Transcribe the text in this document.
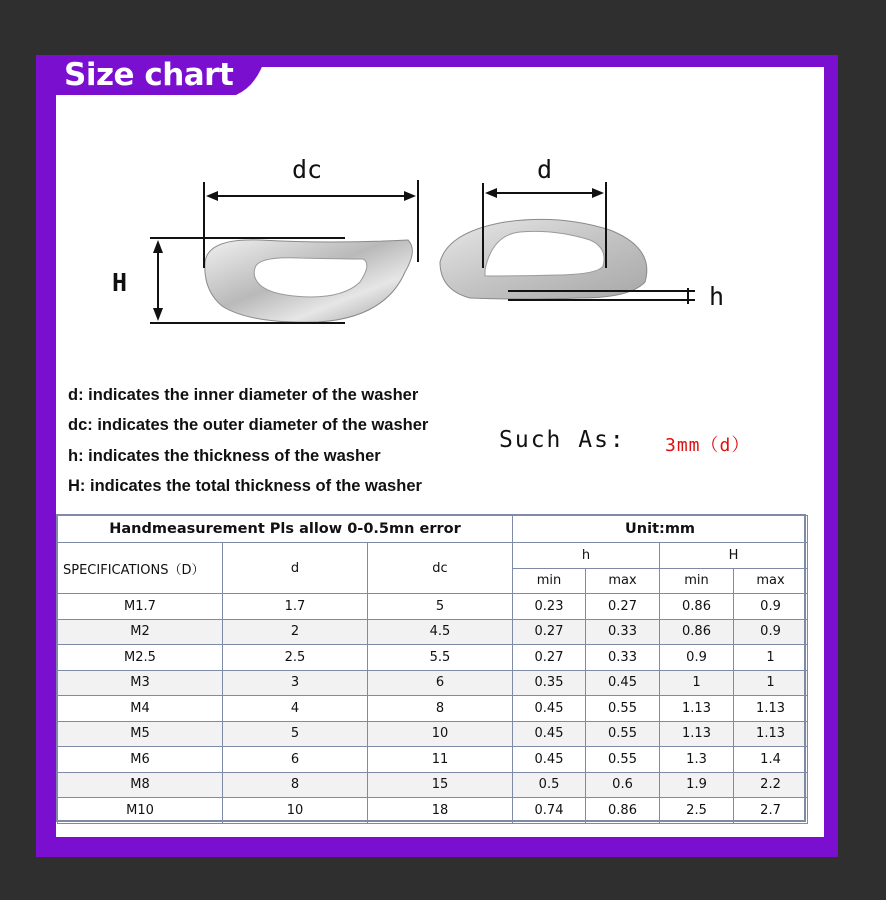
Size chart
dc	d
H	h
d: indicates the inner diameter of the washer
dc: indicates the outer diameter of the washer
h: indicates the thickness of the washer
H: indicates the total thickness of the washer
Such As: 3mm（d）
Handmeasurement Pls allow 0-0.5mn error			Unit:mm			
SPECIFICATIONS（D）	d	dc	h		H	
			min	max	min	max
M1.7	1.7	5	0.23	0.27	0.86	0.9
M2	2	4.5	0.27	0.33	0.86	0.9
M2.5	2.5	5.5	0.27	0.33	0.9	1
M3	3	6	0.35	0.45	1	1
M4	4	8	0.45	0.55	1.13	1.13
M5	5	10	0.45	0.55	1.13	1.13
M6	6	11	0.45	0.55	1.3	1.4
M8	8	15	0.5	0.6	1.9	2.2
M10	10	18	0.74	0.86	2.5	2.7
